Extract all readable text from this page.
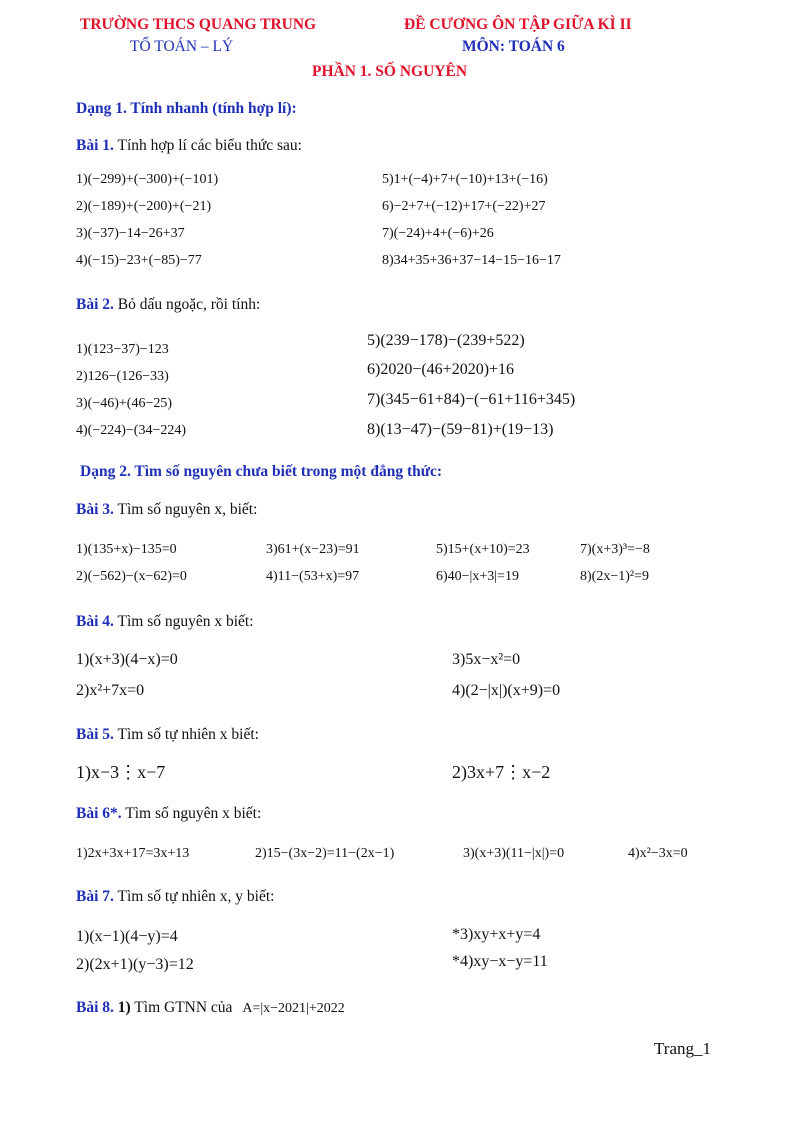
TRƯỜNG THCS QUANG TRUNG
TỔ TOÁN – LÝ
ĐỀ CƯƠNG ÔN TẬP GIỮA KÌ II
MÔN: TOÁN 6
PHẦN 1. SỐ NGUYÊN
Dạng 1. Tính nhanh (tính hợp lí):
Bài 1. Tính hợp lí các biểu thức sau:
1)(−299)+(−300)+(−101)
2)(−189)+(−200)+(−21)
3)(−37)−14−26+37
4)(−15)−23+(−85)−77
5)1+(−4)+7+(−10)+13+(−16)
6)−2+7+(−12)+17+(−22)+27
7)(−24)+4+(−6)+26
8)34+35+36+37−14−15−16−17
Bài 2. Bỏ dấu ngoặc, rồi tính:
1)(123−37)−123
2)126−(126−33)
3)(−46)+(46−25)
4)(−224)−(34−224)
5)(239−178)−(239+522)
6)2020−(46+2020)+16
7)(345−61+84)−(−61+116+345)
8)(13−47)−(59−81)+(19−13)
Dạng 2. Tìm số nguyên chưa biết trong một đẳng thức:
Bài 3. Tìm số nguyên x, biết:
1)(135+x)−135=0	3)61+(x−23)=91	5)15+(x+10)=23	7)(x+3)³=−8
2)(−562)−(x−62)=0	4)11−(53+x)=97	6)40−|x+3|=19	8)(2x−1)²=9
Bài 4. Tìm số nguyên x biết:
1)(x+3)(4−x)=0
2)x²+7x=0
3)5x−x²=0
4)(2−|x|)(x+9)=0
Bài 5. Tìm số tự nhiên x biết:
1)x−3⋮x−7	2)3x+7⋮x−2
Bài 6*. Tìm số nguyên x biết:
1)2x+3x+17=3x+13	2)15−(3x−2)=11−(2x−1)	3)(x+3)(11−|x|)=0	4)x²−3x=0
Bài 7. Tìm số tự nhiên x, y biết:
1)(x−1)(4−y)=4
2)(2x+1)(y−3)=12
*3)xy+x+y=4
*4)xy−x−y=11
Bài 8. 1) Tìm GTNN của A=|x−2021|+2022
Trang_1
